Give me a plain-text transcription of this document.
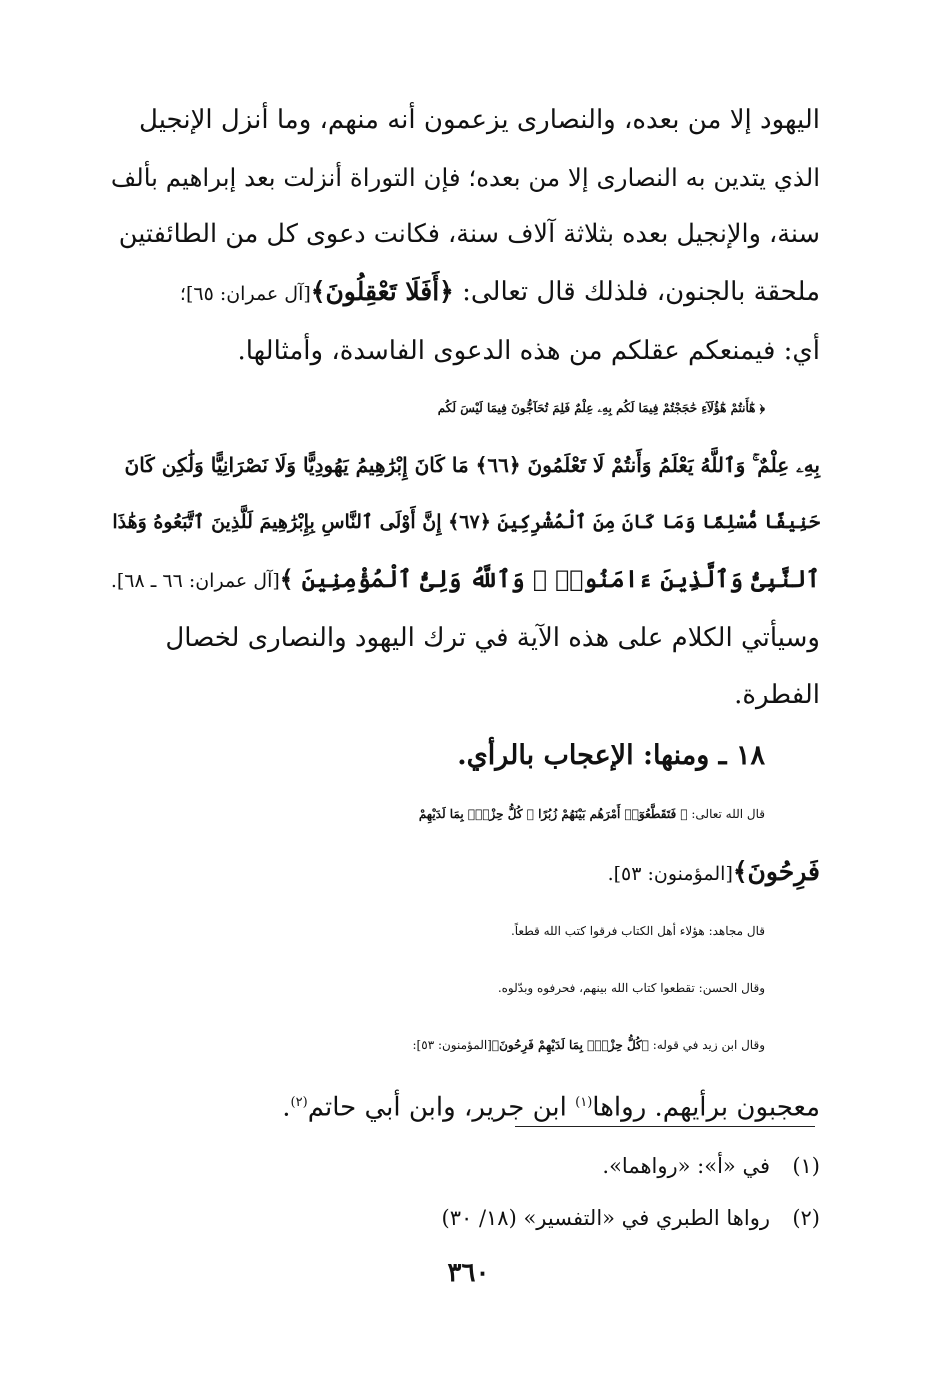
اليهود إلا من بعده، والنصارى يزعمون أنه منهم، وما أنزل الإنجيل
الذي يتدين به النصارى إلا من بعده؛ فإن التوراة أنزلت بعد إبراهيم بألف
سنة، والإنجيل بعده بثلاثة آلاف سنة، فكانت دعوى كل من الطائفتين
ملحقة بالجنون، فلذلك قال تعالى: ﴿أَفَلَا تَعْقِلُونَ﴾[آل عمران: ٦٥]؛
أي: فيمنعكم عقلكم من هذه الدعوى الفاسدة، وأمثالها.

﴿ هَٰٓأَنتُمْ هَٰٓؤُلَآءِ حَٰجَجْتُمْ فِيمَا لَكُم بِهِۦ عِلْمٌ فَلِمَ تُحَآجُّونَ فِيمَا لَيْسَ لَكُم
بِهِۦ عِلْمٌ ۚ وَٱللَّهُ يَعْلَمُ وَأَنتُمْ لَا تَعْلَمُونَ ﴿٦٦﴾ مَا كَانَ إِبْرَٰهِيمُ يَهُودِيًّا وَلَا نَصْرَانِيًّا وَلَٰكِن كَانَ
حَنِيفًا مُّسْلِمًا وَمَا كَانَ مِنَ ٱلْمُشْرِكِينَ ﴿٦٧﴾ إِنَّ أَوْلَى ٱلنَّاسِ بِإِبْرَٰهِيمَ لَلَّذِينَ ٱتَّبَعُوهُ وَهَٰذَا
ٱلنَّبِىُّ وَٱلَّذِينَ ءَامَنُوا۟ ۗ وَٱللَّهُ وَلِىُّ ٱلْمُؤْمِنِينَ ﴾[آل عمران: ٦٦ ـ ٦٨].

وسيأتي الكلام على هذه الآية في ترك اليهود والنصارى لخصال
الفطرة.

١٨ ـ ومنها: الإعجاب بالرأي.

قال الله تعالى: ﴿ فَتَقَطَّعُوٓا۟ أَمْرَهُم بَيْنَهُمْ زُبُرًا ۖ كُلُّ حِزْبٍۭ بِمَا لَدَيْهِمْ
فَرِحُونَ﴾[المؤمنون: ٥٣].
قال مجاهد: هؤلاء أهل الكتاب فرقوا كتب الله قطعاً.
وقال الحسن: تقطعوا كتاب الله بينهم، فحرفوه وبدّلوه.
وقال ابن زيد في قوله: ﴿كُلُّ حِزْبٍۭ بِمَا لَدَيْهِمْ فَرِحُونَ﴾[المؤمنون: ٥٣]:
معجبون برأيهم. رواها$^{(١)}$ ابن جرير، وابن أبي حاتم$^{(٢)}$.

(١)في «أ»: «رواهما».
(٢)رواها الطبري في «التفسير» (١٨/ ٣٠)
٣٦٠
